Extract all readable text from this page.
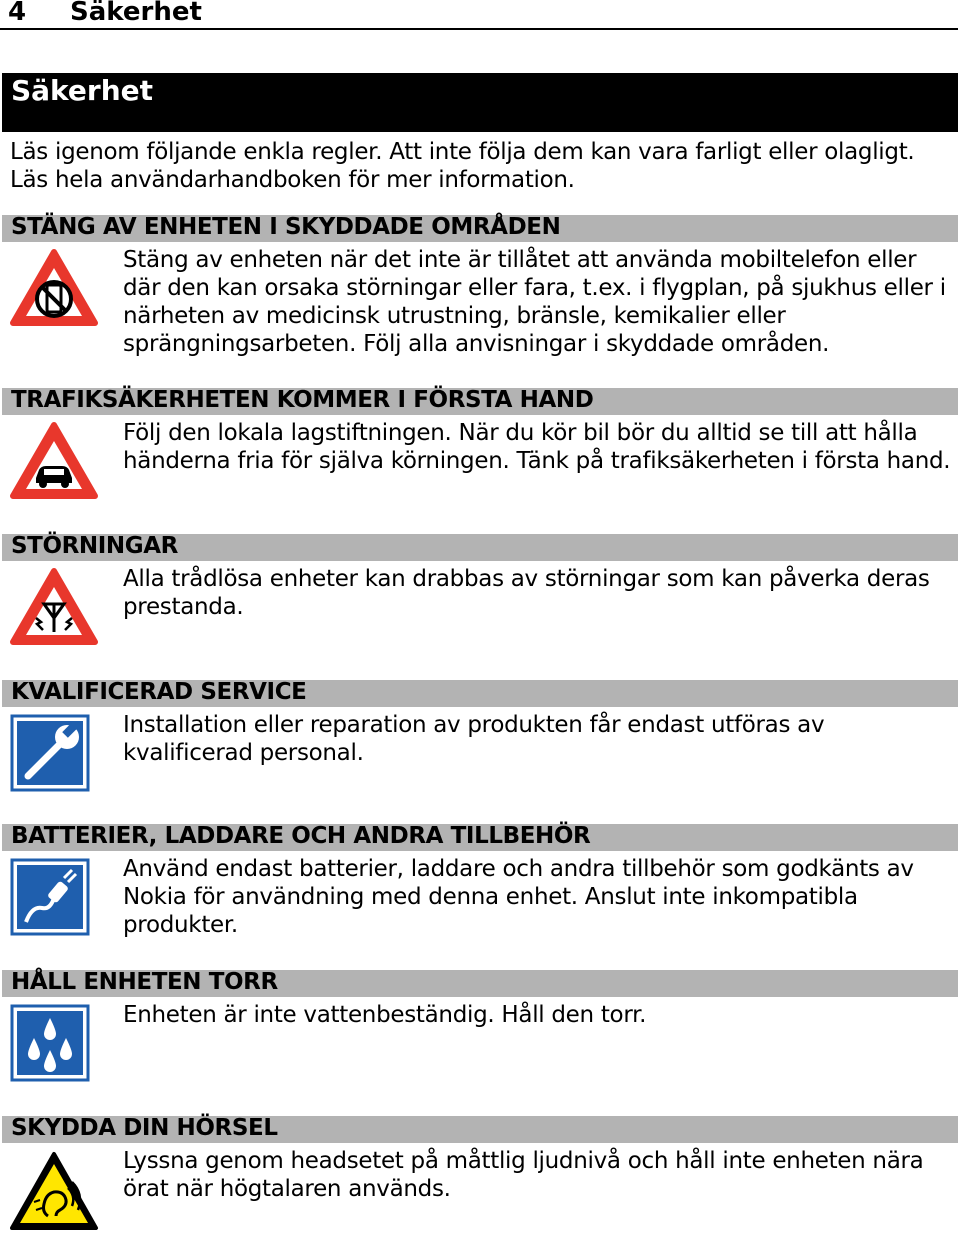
4 Säkerhet
Säkerhet
Läs igenom följande enkla regler. Att inte följa dem kan vara farligt eller olagligt. Läs hela användarhandboken för mer information.
STÄNG AV ENHETEN I SKYDDADE OMRÅDEN
Stäng av enheten när det inte är tillåtet att använda mobiltelefon eller där den kan orsaka störningar eller fara, t.ex. i flygplan, på sjukhus eller i närheten av medicinsk utrustning, bränsle, kemikalier eller sprängningsarbeten. Följ alla anvisningar i skyddade områden.
TRAFIKSÄKERHETEN KOMMER I FÖRSTA HAND
Följ den lokala lagstiftningen. När du kör bil bör du alltid se till att hålla händerna fria för själva körningen. Tänk på trafiksäkerheten i första hand.
STÖRNINGAR
Alla trådlösa enheter kan drabbas av störningar som kan påverka deras prestanda.
KVALIFICERAD SERVICE
Installation eller reparation av produkten får endast utföras av kvalificerad personal.
BATTERIER, LADDARE OCH ANDRA TILLBEHÖR
Använd endast batterier, laddare och andra tillbehör som godkänts av Nokia för användning med denna enhet. Anslut inte inkompatibla produkter.
HÅLL ENHETEN TORR
Enheten är inte vattenbeständig. Håll den torr.
SKYDDA DIN HÖRSEL
Lyssna genom headsetet på måttlig ljudnivå och håll inte enheten nära örat när högtalaren används.
